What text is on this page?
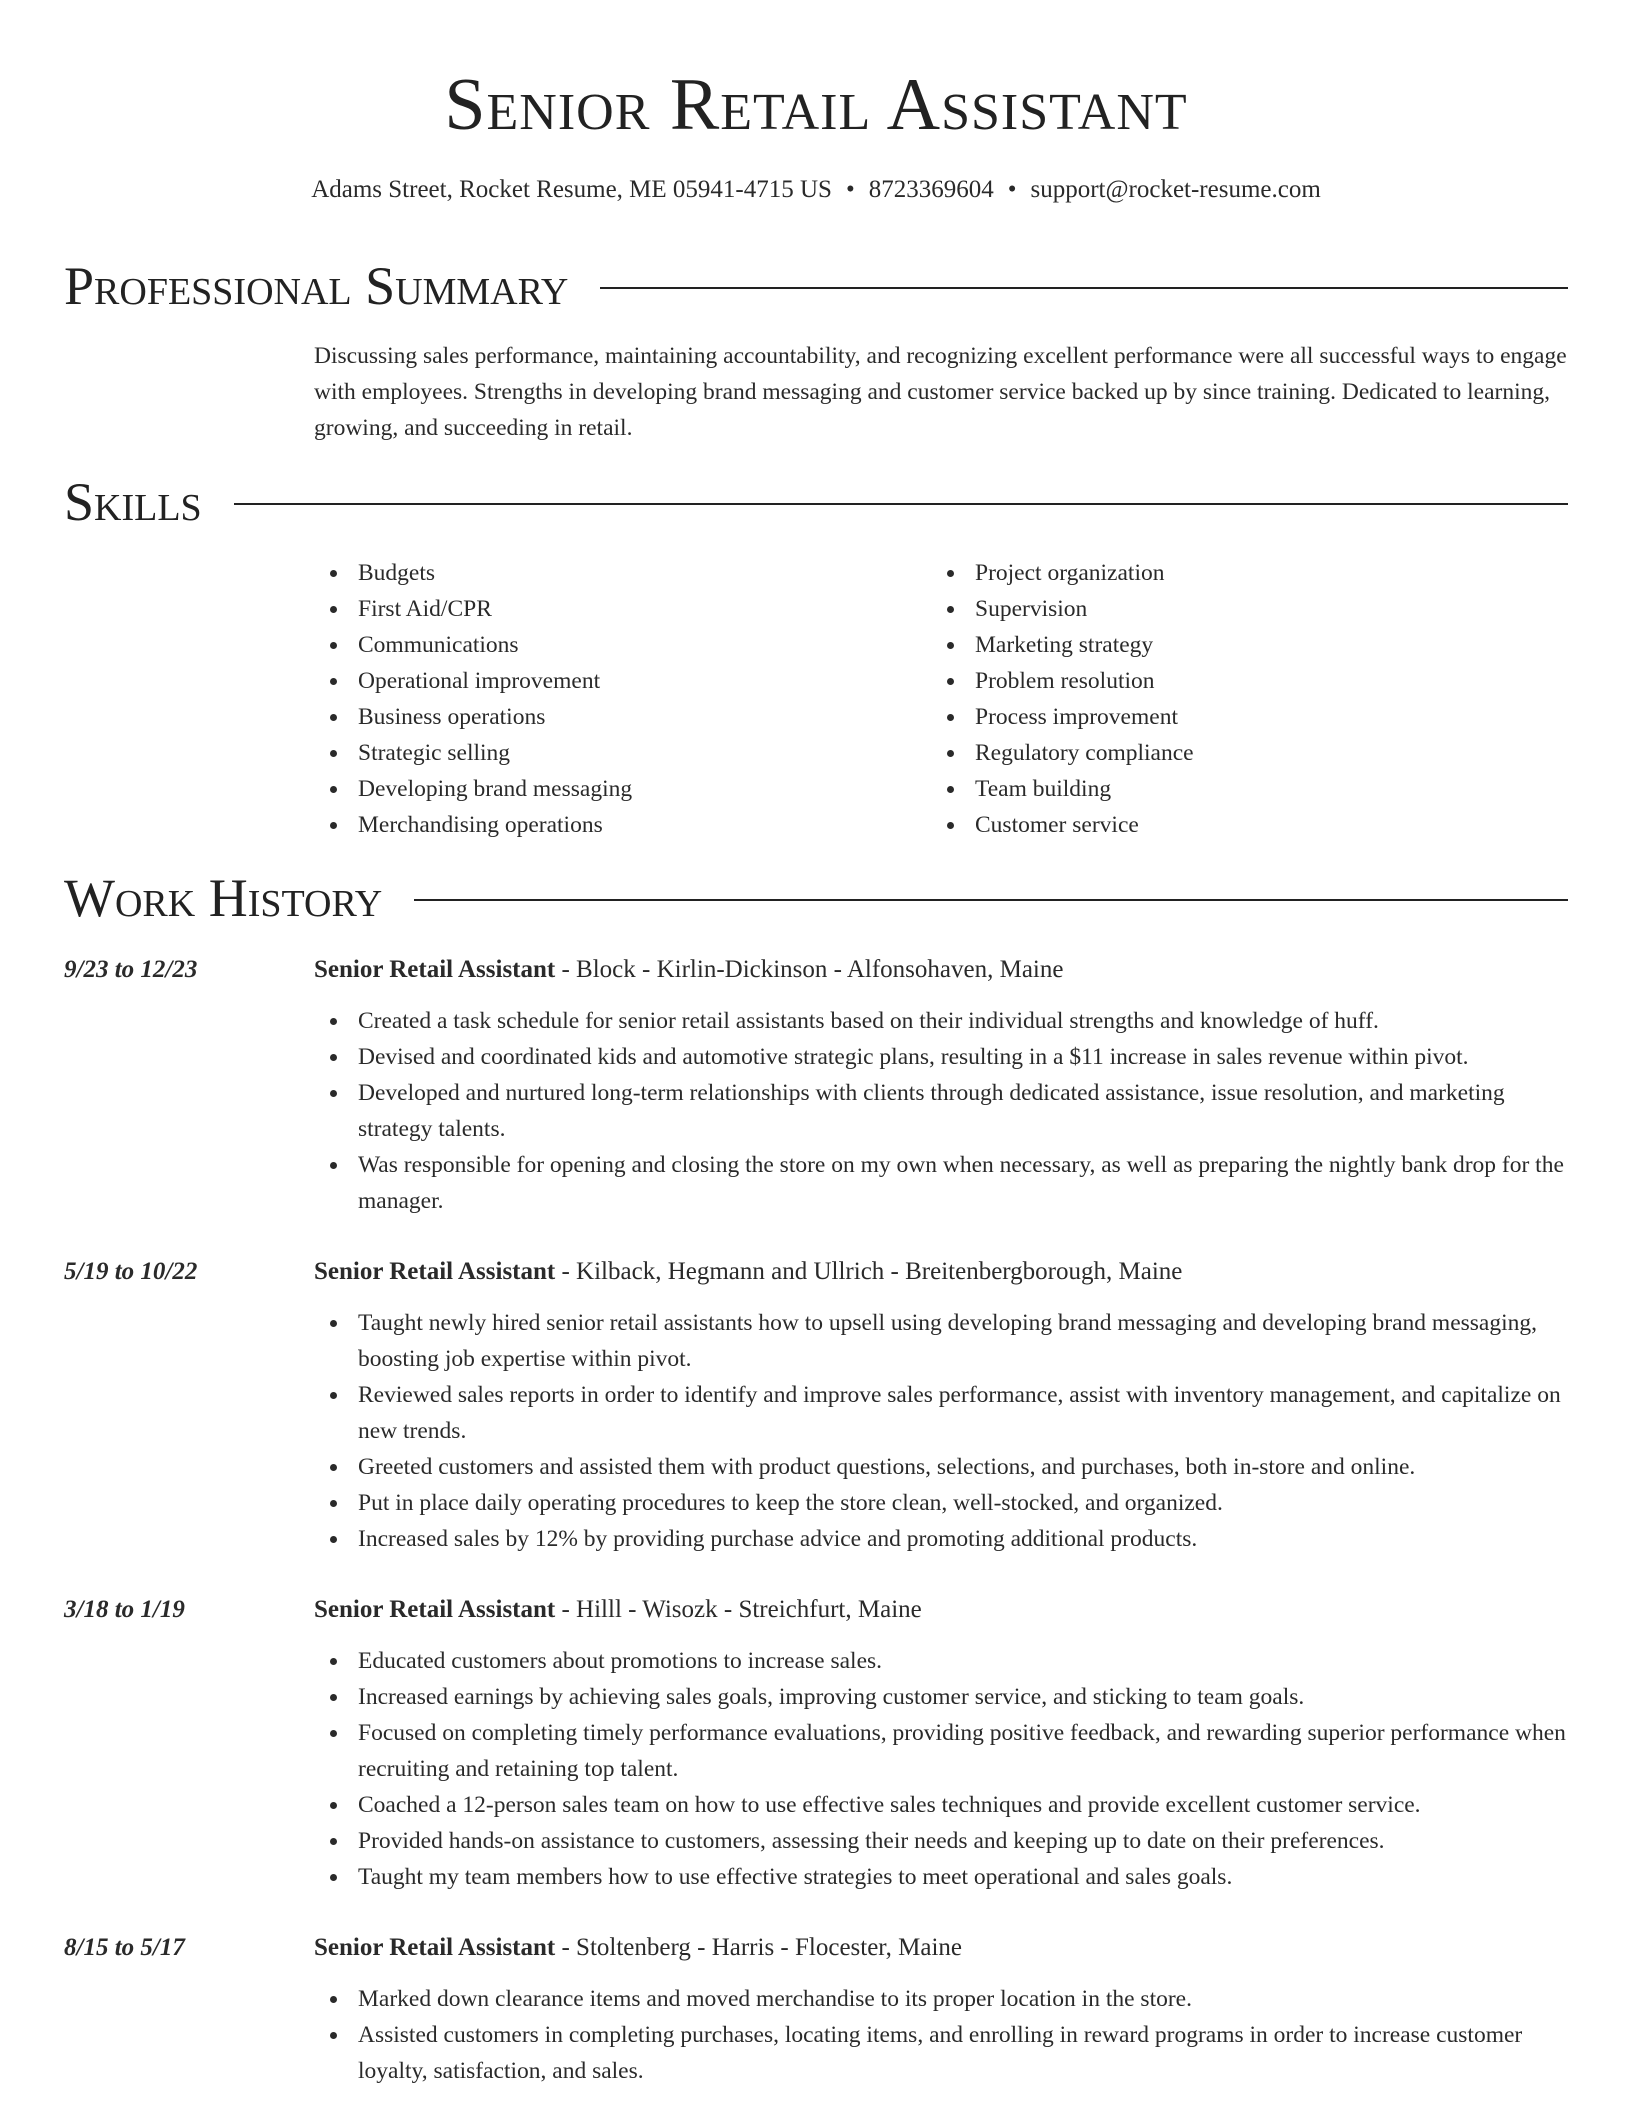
Senior Retail Assistant
Adams Street, Rocket Resume, ME 05941-4715 US • 8723369604 • support@rocket-resume.com
Professional Summary

Discussing sales performance, maintaining accountability, and recognizing excellent performance were all successful ways to engage with employees. Strengths in developing brand messaging and customer service backed up by since training. Dedicated to learning, growing, and succeeding in retail.

Skills
Budgets
First Aid/CPR
Communications
Operational improvement
Business operations
Strategic selling
Developing brand messaging
Merchandising operations
Project organization
Supervision
Marketing strategy
Problem resolution
Process improvement
Regulatory compliance
Team building
Customer service
Work History
9/23 to 12/23	Senior Retail Assistant - Block - Kirlin-Dickinson - Alfonsohaven, Maine
Created a task schedule for senior retail assistants based on their individual strengths and knowledge of huff.
Devised and coordinated kids and automotive strategic plans, resulting in a $11 increase in sales revenue within pivot.
Developed and nurtured long-term relationships with clients through dedicated assistance, issue resolution, and marketing strategy talents.
Was responsible for opening and closing the store on my own when necessary, as well as preparing the nightly bank drop for the manager.
5/19 to 10/22	Senior Retail Assistant - Kilback, Hegmann and Ullrich - Breitenbergborough, Maine
Taught newly hired senior retail assistants how to upsell using developing brand messaging and developing brand messaging, boosting job expertise within pivot.
Reviewed sales reports in order to identify and improve sales performance, assist with inventory management, and capitalize on new trends.
Greeted customers and assisted them with product questions, selections, and purchases, both in-store and online.
Put in place daily operating procedures to keep the store clean, well-stocked, and organized.
Increased sales by 12% by providing purchase advice and promoting additional products.
3/18 to 1/19	Senior Retail Assistant - Hilll - Wisozk - Streichfurt, Maine
Educated customers about promotions to increase sales.
Increased earnings by achieving sales goals, improving customer service, and sticking to team goals.
Focused on completing timely performance evaluations, providing positive feedback, and rewarding superior performance when recruiting and retaining top talent.
Coached a 12-person sales team on how to use effective sales techniques and provide excellent customer service.
Provided hands-on assistance to customers, assessing their needs and keeping up to date on their preferences.
Taught my team members how to use effective strategies to meet operational and sales goals.
8/15 to 5/17	Senior Retail Assistant - Stoltenberg - Harris - Flocester, Maine
Marked down clearance items and moved merchandise to its proper location in the store.
Assisted customers in completing purchases, locating items, and enrolling in reward programs in order to increase customer loyalty, satisfaction, and sales.
